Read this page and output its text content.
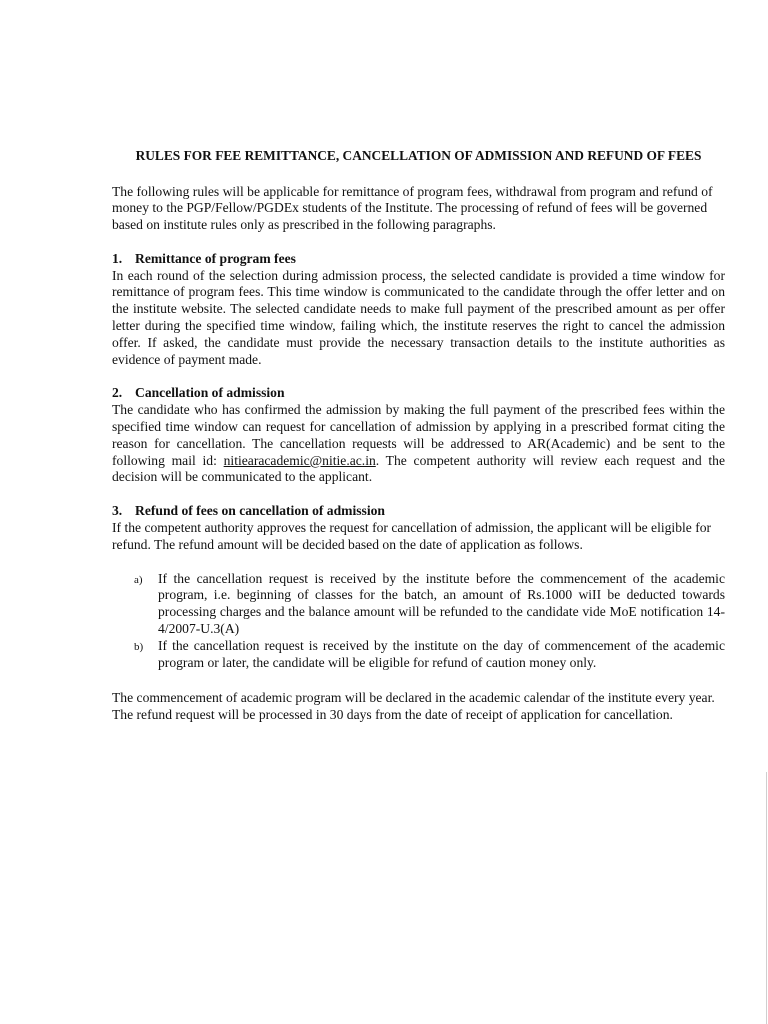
RULES FOR FEE REMITTANCE, CANCELLATION OF ADMISSION AND REFUND OF FEES

The following rules will be applicable for remittance of program fees, withdrawal from program and refund of money to the PGP/Fellow/PGDEx students of the Institute. The processing of refund of fees will be governed based on institute rules only as prescribed in the following paragraphs.

1. Remittance of program fees

In each round of the selection during admission process, the selected candidate is provided a time window for remittance of program fees. This time window is communicated to the candidate through the offer letter and on the institute website. The selected candidate needs to make full payment of the prescribed amount as per offer letter during the specified time window, failing which, the institute reserves the right to cancel the admission offer. If asked, the candidate must provide the necessary transaction details to the institute authorities as evidence of payment made.

2. Cancellation of admission

The candidate who has confirmed the admission by making the full payment of the prescribed fees within the specified time window can request for cancellation of admission by applying in a prescribed format citing the reason for cancellation. The cancellation requests will be addressed to AR(Academic) and be sent to the following mail id: nitiearacademic@nitie.ac.in. The competent authority will review each request and the decision will be communicated to the applicant.

3. Refund of fees on cancellation of admission

If the competent authority approves the request for cancellation of admission, the applicant will be eligible for refund. The refund amount will be decided based on the date of application as follows.

a) If the cancellation request is received by the institute before the commencement of the academic program, i.e. beginning of classes for the batch, an amount of Rs.1000 wiII be deducted towards processing charges and the balance amount will be refunded to the candidate vide MoE notification 14-4/2007-U.3(A)
b) If the cancellation request is received by the institute on the day of commencement of the academic program or later, the candidate will be eligible for refund of caution money only.

The commencement of academic program will be declared in the academic calendar of the institute every year. The refund request will be processed in 30 days from the date of receipt of application for cancellation.
